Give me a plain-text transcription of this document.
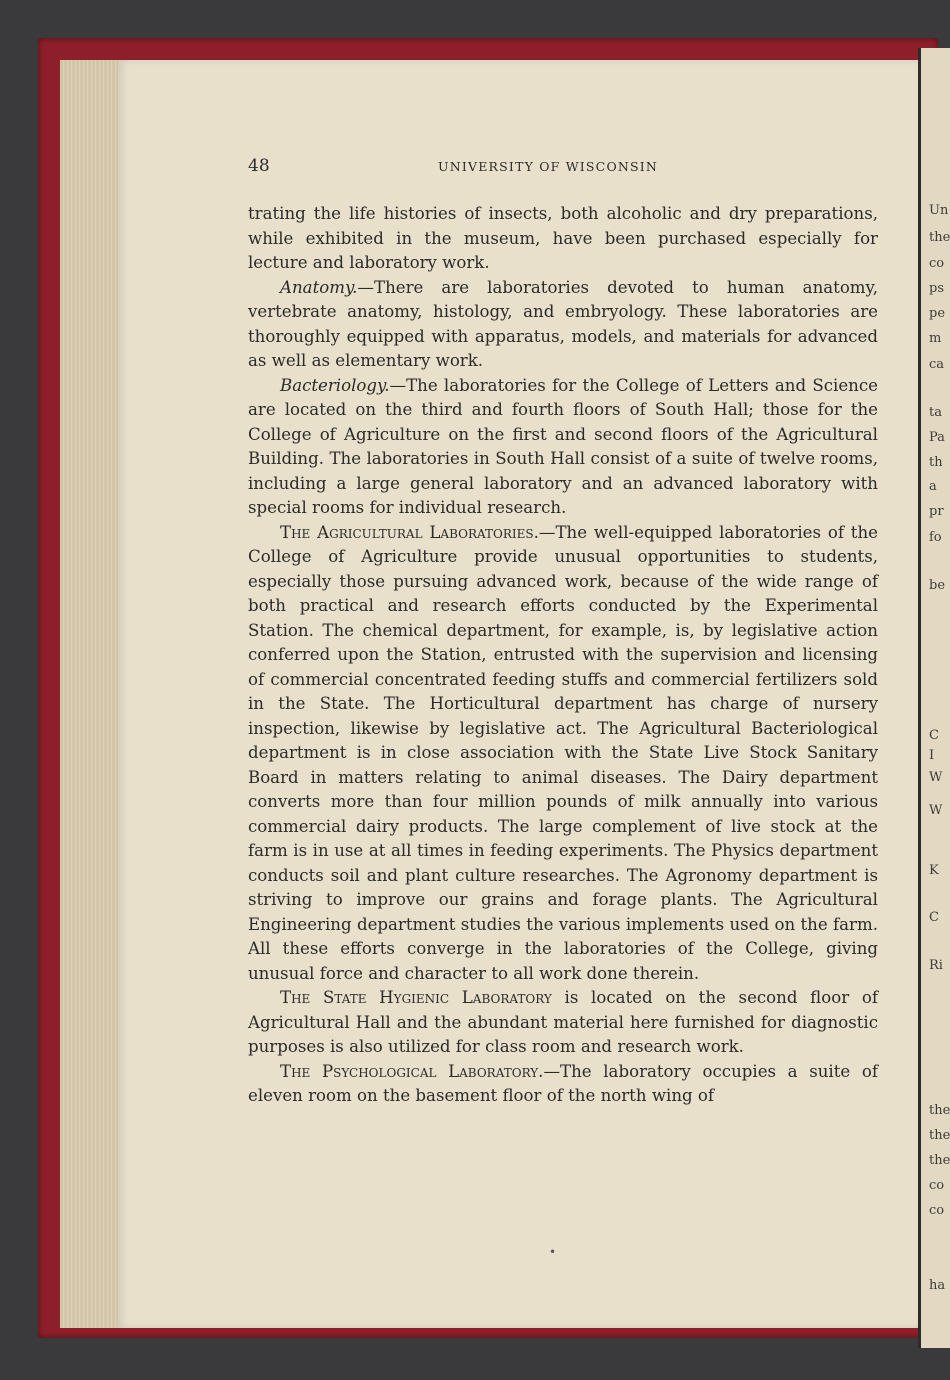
Un
the
co
ps
pe
m
ca
ta
Pa
th
a
pr
fo
be
C
I
W
W
K
C
Ri
the
the
the
co
co
ha
48	UNIVERSITY OF WISCONSIN

trating the life histories of insects, both alcoholic and dry preparations, while exhibited in the museum, have been purchased especially for lecture and laboratory work.

Anatomy.—There are laboratories devoted to human anatomy, vertebrate anatomy, histology, and embryology. These laboratories are thoroughly equipped with apparatus, models, and materials for advanced as well as elementary work.

Bacteriology.—The laboratories for the College of Letters and Science are located on the third and fourth floors of South Hall; those for the College of Agriculture on the first and second floors of the Agricultural Building. The laboratories in South Hall consist of a suite of twelve rooms, including a large general laboratory and an advanced laboratory with special rooms for individual research.

The Agricultural Laboratories.—The well-equipped laboratories of the College of Agriculture provide unusual opportunities to students, especially those pursuing advanced work, because of the wide range of both practical and research efforts conducted by the Experimental Station. The chemical department, for example, is, by legislative action conferred upon the Station, entrusted with the supervision and licensing of commercial concentrated feeding stuffs and commercial fertilizers sold in the State. The Horticultural department has charge of nursery inspection, likewise by legislative act. The Agricultural Bacteriological department is in close association with the State Live Stock Sanitary Board in matters relating to animal diseases. The Dairy department converts more than four million pounds of milk annually into various commercial dairy products. The large complement of live stock at the farm is in use at all times in feeding experiments. The Physics department conducts soil and plant culture researches. The Agronomy department is striving to improve our grains and forage plants. The Agricultural Engineering department studies the various implements used on the farm. All these efforts converge in the laboratories of the College, giving unusual force and character to all work done therein.

The State Hygienic Laboratory is located on the second floor of Agricultural Hall and the abundant material here furnished for diagnostic purposes is also utilized for class room and research work.

The Psychological Laboratory.—The laboratory occupies a suite of eleven room on the basement floor of the north wing of

•
